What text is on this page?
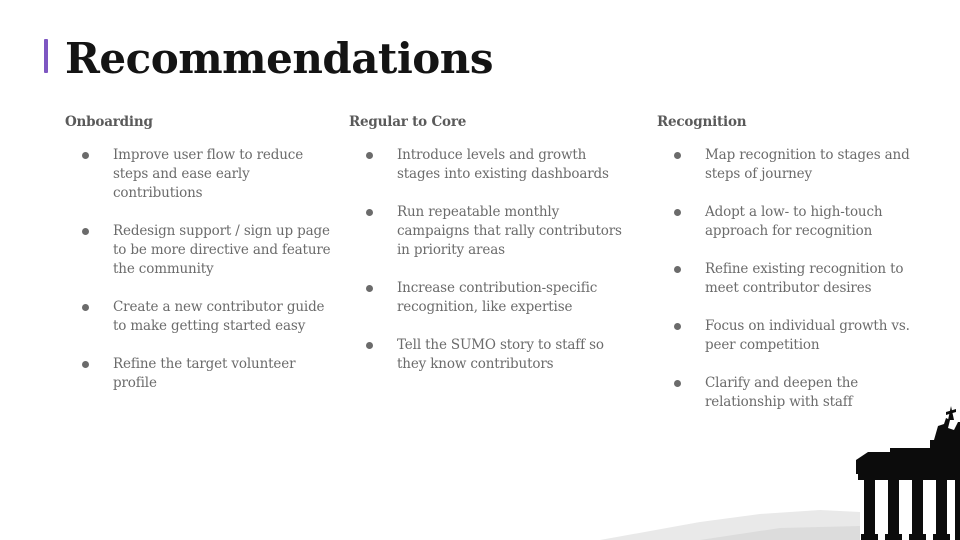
Recommendations
Onboarding
Improve user flow to reduce steps and ease early contributions
Redesign support / sign up page to be more directive and feature the community
Create a new contributor guide to make getting started easy
Refine the target volunteer profile
Regular to Core
Introduce levels and growth stages into existing dashboards
Run repeatable monthly campaigns that rally contributors in priority areas
Increase contribution-specific recognition, like expertise
Tell the SUMO story to staff so they know contributors
Recognition
Map recognition to stages and steps of journey
Adopt a low- to high-touch approach for recognition
Refine existing recognition to meet contributor desires
Focus on individual growth vs. peer competition
Clarify and deepen the relationship with staff
